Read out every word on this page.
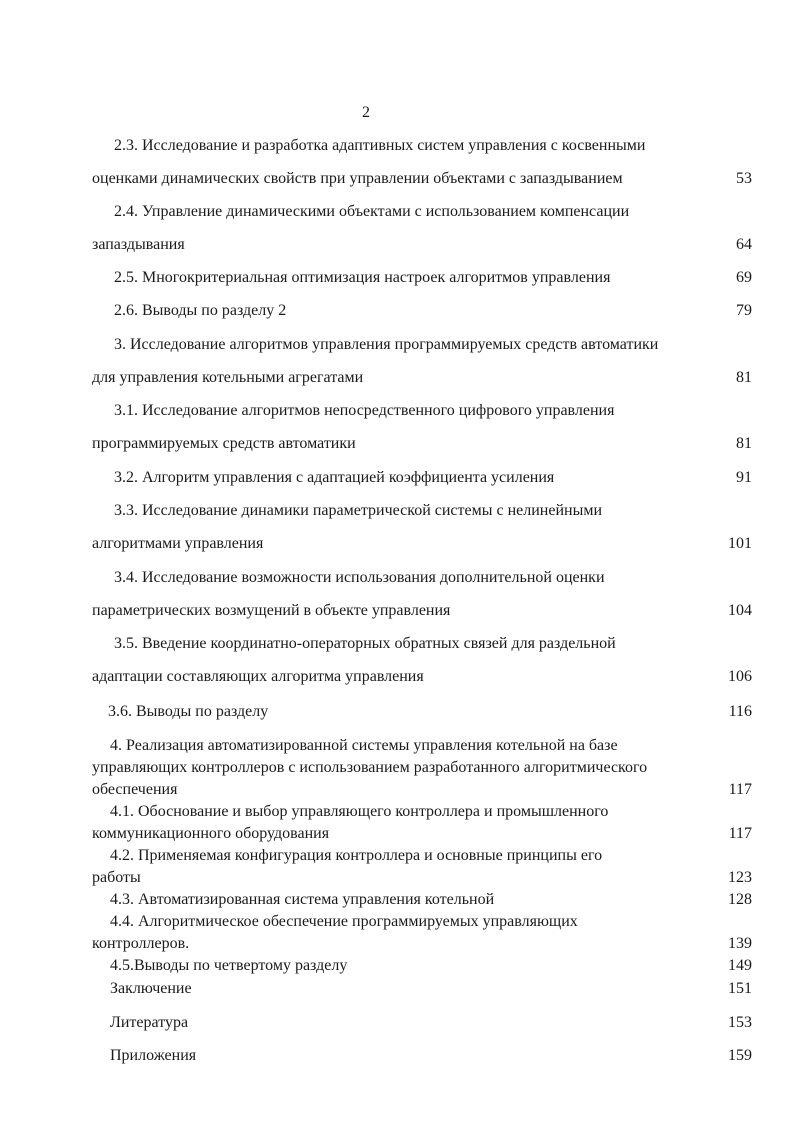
2
2.3. Исследование и разработка адаптивных систем управления с косвенными
оценками динамических свойств при управлении объектами с запаздыванием	53
2.4. Управление динамическими объектами с использованием компенсации
запаздывания	64
2.5. Многокритериальная оптимизация настроек алгоритмов управления	69
2.6. Выводы по разделу 2	79
3. Исследование алгоритмов управления программируемых средств автоматики
для управления котельными агрегатами	81
3.1. Исследование алгоритмов непосредственного цифрового управления
программируемых средств автоматики	81
3.2. Алгоритм управления с адаптацией коэффициента усиления	91
3.3. Исследование динамики параметрической системы с нелинейными
алгоритмами управления	101
3.4. Исследование возможности использования дополнительной оценки
параметрических возмущений в объекте управления	104
3.5. Введение координатно-операторных обратных связей для раздельной
адаптации составляющих алгоритма управления	106
3.6. Выводы по разделу	116
4. Реализация автоматизированной системы управления котельной на базе
управляющих контроллеров с использованием разработанного алгоритмического
обеспечения	117
4.1. Обоснование и выбор управляющего контроллера и промышленного
коммуникационного оборудования	117
4.2. Применяемая конфигурация контроллера и основные принципы его
работы	123
4.3. Автоматизированная система управления котельной	128
4.4. Алгоритмическое обеспечение программируемых управляющих
контроллеров.	139
4.5.Выводы по четвертому разделу	149
Заключение	151
Литература	153
Приложения	159
